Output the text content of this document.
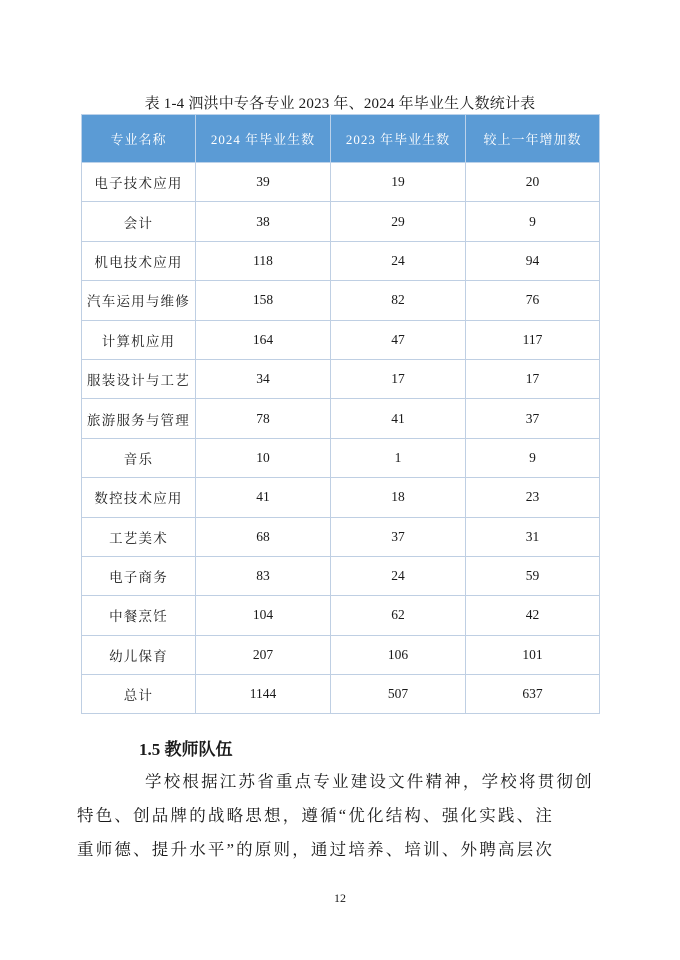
表 1-4 泗洪中专各专业 2023 年、2024 年毕业生人数统计表
专业名称	2024 年毕业生数	2023 年毕业生数	较上一年增加数
电子技术应用	39	19	20
会计	38	29	9
机电技术应用	118	24	94
汽车运用与维修	158	82	76
计算机应用	164	47	117
服装设计与工艺	34	17	17
旅游服务与管理	78	41	37
音乐	10	1	9
数控技术应用	41	18	23
工艺美术	68	37	31
电子商务	83	24	59
中餐烹饪	104	62	42
幼儿保育	207	106	101
总计	1144	507	637
1.5 教师队伍

学校根据江苏省重点专业建设文件精神，学校将贯彻创

特色、创品牌的战略思想，遵循“优化结构、强化实践、注

重师德、提升水平”的原则，通过培养、培训、外聘高层次

12
